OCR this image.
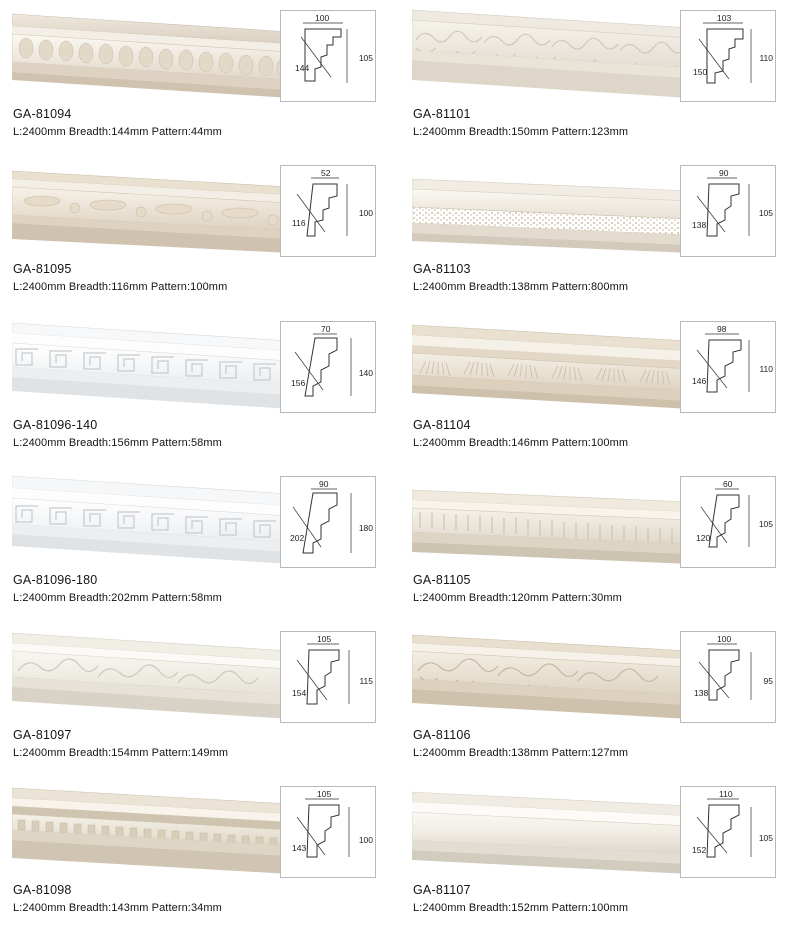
100
105
144
GA-81094
L:2400mm Breadth:144mm Pattern:44mm
103
110
150
GA-81101
L:2400mm Breadth:150mm Pattern:123mm
52
100
116
GA-81095
L:2400mm Breadth:116mm Pattern:100mm
90
105
138
GA-81103
L:2400mm Breadth:138mm Pattern:800mm
70
140
156
GA-81096-140
L:2400mm Breadth:156mm Pattern:58mm
98
110
146
GA-81104
L:2400mm Breadth:146mm Pattern:100mm
90
180
202
GA-81096-180
L:2400mm Breadth:202mm Pattern:58mm
60
105
120
GA-81105
L:2400mm Breadth:120mm Pattern:30mm
105
115
154
GA-81097
L:2400mm Breadth:154mm Pattern:149mm
100
95
138
GA-81106
L:2400mm Breadth:138mm Pattern:127mm
105
100
143
GA-81098
L:2400mm Breadth:143mm Pattern:34mm
110
105
152
GA-81107
L:2400mm Breadth:152mm Pattern:100mm
